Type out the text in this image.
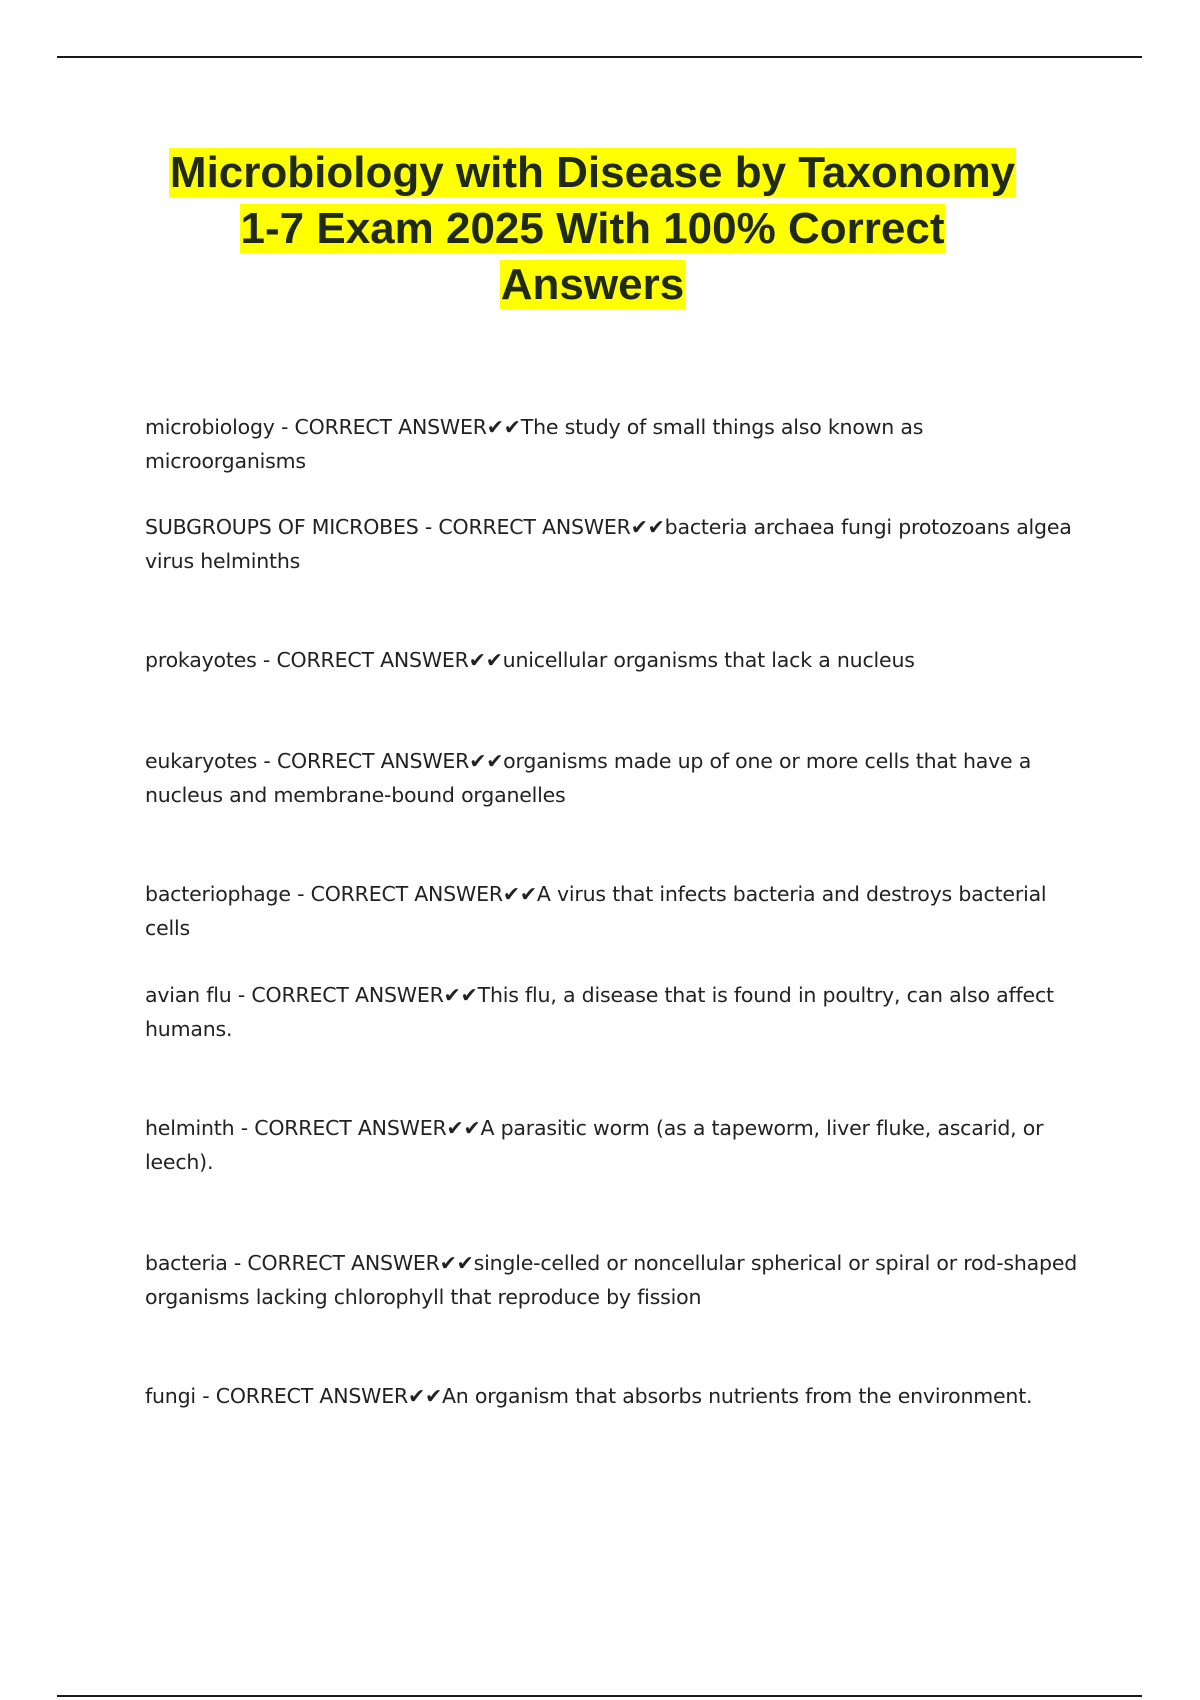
Microbiology with Disease by Taxonomy 1-7 Exam 2025 With 100% Correct Answers
microbiology - CORRECT ANSWER✔✔The study of small things also known as microorganisms
SUBGROUPS OF MICROBES - CORRECT ANSWER✔✔bacteria archaea fungi protozoans algea virus helminths
prokayotes - CORRECT ANSWER✔✔unicellular organisms that lack a nucleus
eukaryotes - CORRECT ANSWER✔✔organisms made up of one or more cells that have a nucleus and membrane-bound organelles
bacteriophage - CORRECT ANSWER✔✔A virus that infects bacteria and destroys bacterial cells
avian flu - CORRECT ANSWER✔✔This flu, a disease that is found in poultry, can also affect humans.
helminth - CORRECT ANSWER✔✔A parasitic worm (as a tapeworm, liver fluke, ascarid, or leech).
bacteria - CORRECT ANSWER✔✔single-celled or noncellular spherical or spiral or rod-shaped organisms lacking chlorophyll that reproduce by fission
fungi - CORRECT ANSWER✔✔An organism that absorbs nutrients from the environment.
